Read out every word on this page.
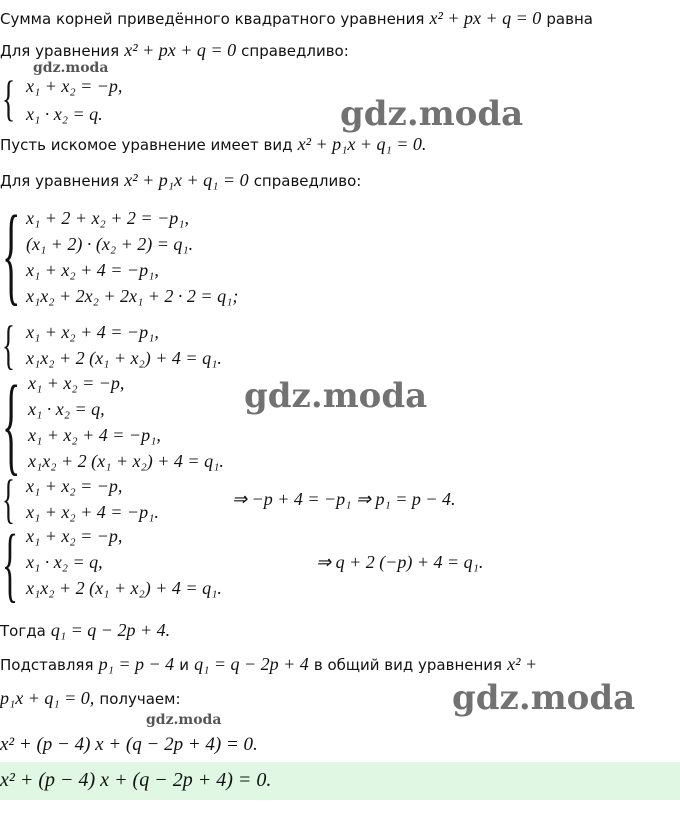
gdz.moda
gdz.moda
gdz.moda
gdz.moda
gdz.moda
Сумма корней приведённого квадратного уравнения x² + px + q = 0 равна
Для уравнения x² + px + q = 0 справедливо:
{ x₁ + x₂ = −p,
x₁ · x₂ = q.
Пусть искомое уравнение имеет вид x² + p₁x + q₁ = 0.
Для уравнения x² + p₁x + q₁ = 0 справедливо:
{ x₁ + 2 + x₂ + 2 = −p₁,
(x₁ + 2) · (x₂ + 2) = q₁.
x₁ + x₂ + 4 = −p₁,
x₁x₂ + 2x₂ + 2x₁ + 2 · 2 = q₁;
{ x₁ + x₂ + 4 = −p₁,
x₁x₂ + 2 (x₁ + x₂) + 4 = q₁.
{ x₁ + x₂ = −p,
x₁ · x₂ = q,
x₁ + x₂ + 4 = −p₁,
x₁x₂ + 2 (x₁ + x₂) + 4 = q₁.
{ x₁ + x₂ = −p,
x₁ + x₂ + 4 = −p₁.
⇒ −p + 4 = −p₁ ⇒ p₁ = p − 4.
{ x₁ + x₂ = −p,
x₁ · x₂ = q,
x₁x₂ + 2 (x₁ + x₂) + 4 = q₁.
⇒ q + 2 (−p) + 4 = q₁.
Тогда q₁ = q − 2p + 4.
Подставляя p₁ = p − 4 и q₁ = q − 2p + 4 в общий вид уравнения x² +
p₁x + q₁ = 0, получаем:
x² + (p − 4) x + (q − 2p + 4) = 0.
x² + (p − 4) x + (q − 2p + 4) = 0.
